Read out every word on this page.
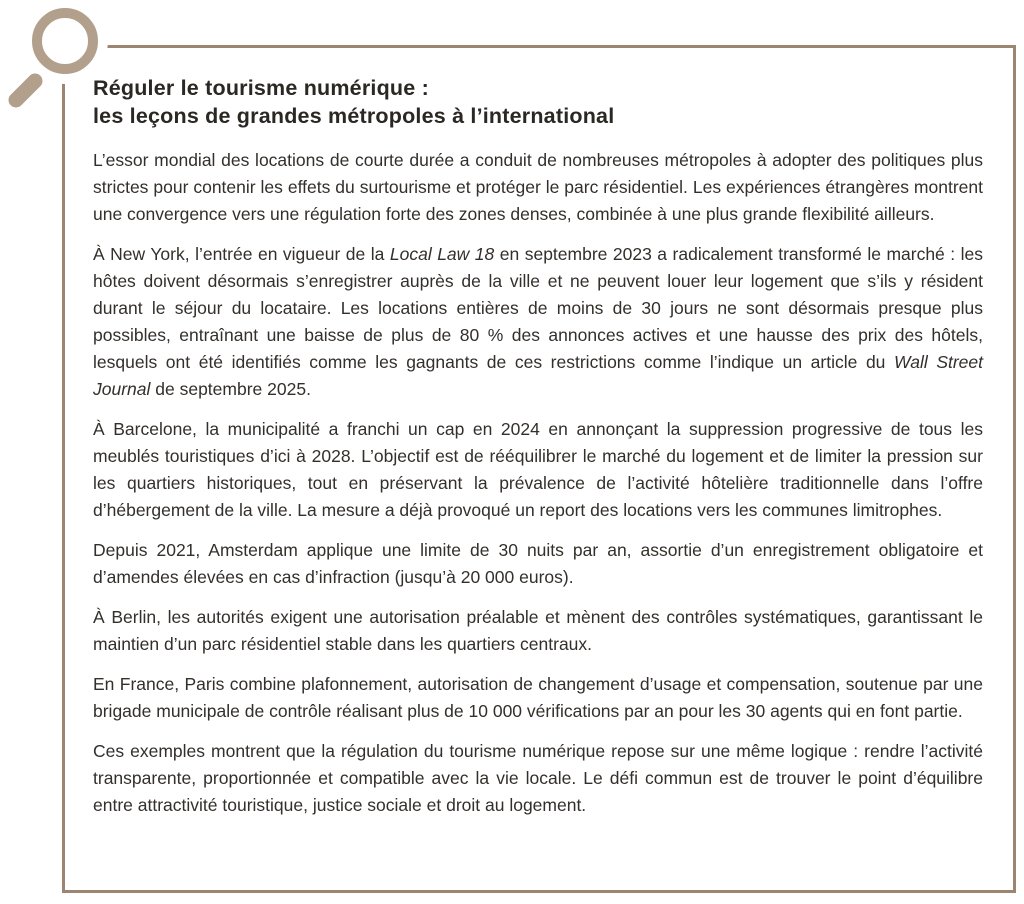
Réguler le tourisme numérique :
les leçons de grandes métropoles à l’international

L’essor mondial des locations de courte durée a conduit de nombreuses métropoles à adopter des politiques plus strictes pour contenir les effets du surtourisme et protéger le parc résidentiel. Les expériences étrangères montrent une convergence vers une régulation forte des zones denses, combinée à une plus grande flexibilité ailleurs.

À New York, l’entrée en vigueur de la Local Law 18 en septembre 2023 a radicalement transformé le marché : les hôtes doivent désormais s’enregistrer auprès de la ville et ne peuvent louer leur logement que s’ils y résident durant le séjour du locataire. Les locations entières de moins de 30 jours ne sont désormais presque plus possibles, entraînant une baisse de plus de 80 % des annonces actives et une hausse des prix des hôtels, lesquels ont été identifiés comme les gagnants de ces restrictions comme l’indique un article du Wall Street Journal de septembre 2025.

À Barcelone, la municipalité a franchi un cap en 2024 en annonçant la suppression progressive de tous les meublés touristiques d’ici à 2028. L’objectif est de rééquilibrer le marché du logement et de limiter la pression sur les quartiers historiques, tout en préservant la prévalence de l’activité hôtelière traditionnelle dans l’offre d’hébergement de la ville. La mesure a déjà provoqué un report des locations vers les communes limitrophes.

Depuis 2021, Amsterdam applique une limite de 30 nuits par an, assortie d’un enregistrement obligatoire et d’amendes élevées en cas d’infraction (jusqu’à 20 000 euros).

À Berlin, les autorités exigent une autorisation préalable et mènent des contrôles systématiques, garantissant le maintien d’un parc résidentiel stable dans les quartiers centraux.

En France, Paris combine plafonnement, autorisation de changement d’usage et compensation, soutenue par une brigade municipale de contrôle réalisant plus de 10 000 vérifications par an pour les 30 agents qui en font partie.

Ces exemples montrent que la régulation du tourisme numérique repose sur une même logique : rendre l’activité transparente, proportionnée et compatible avec la vie locale. Le défi commun est de trouver le point d’équilibre entre attractivité touristique, justice sociale et droit au logement.
